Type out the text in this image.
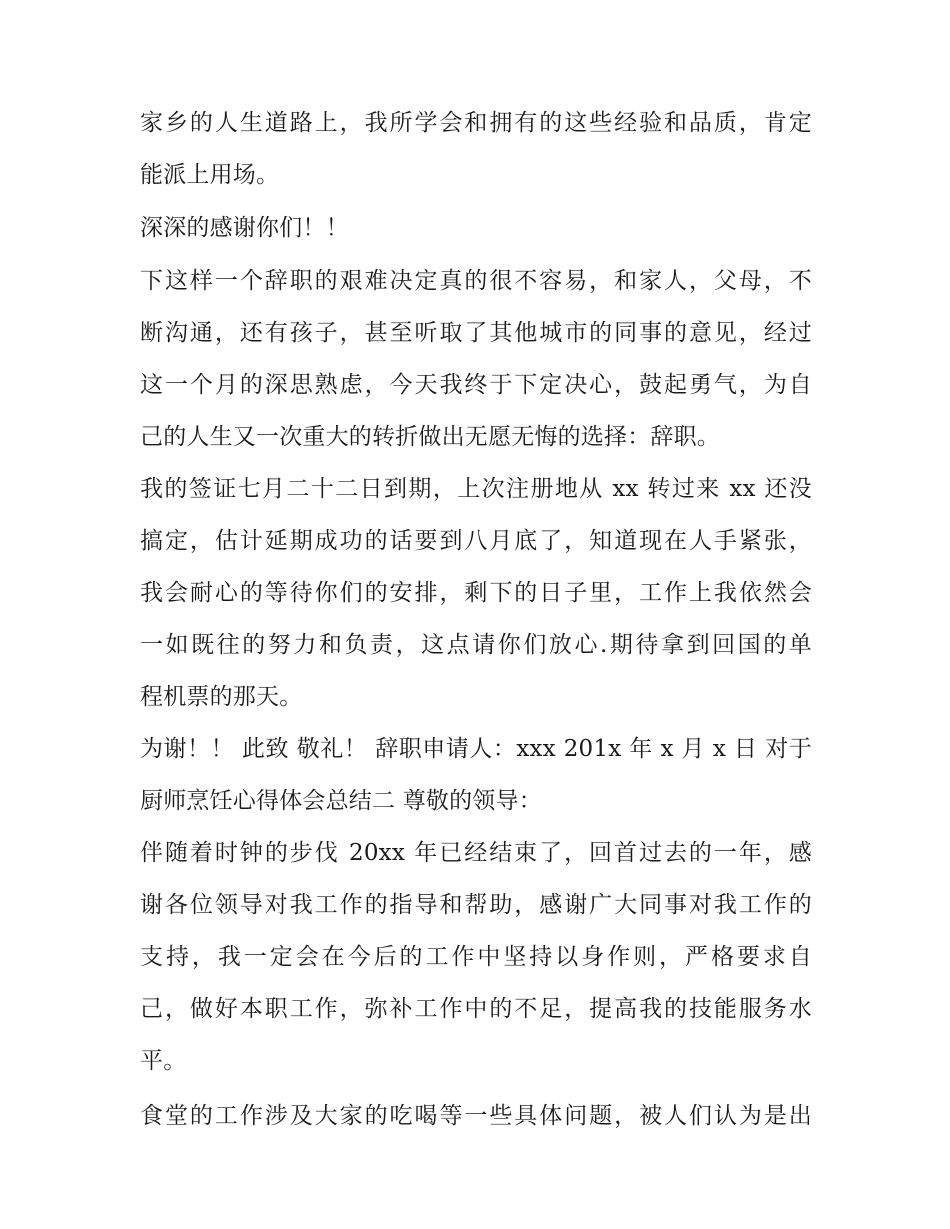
家乡的人生道路上，我所学会和拥有的这些经验和品质，肯定
能派上用场。
深深的感谢你们！！
下这样一个辞职的艰难决定真的很不容易，和家人，父母，不
断沟通，还有孩子，甚至听取了其他城市的同事的意见，经过
这一个月的深思熟虑，今天我终于下定决心，鼓起勇气，为自
己的人生又一次重大的转折做出无愿无悔的选择：辞职。
我的签证七月二十二日到期，上次注册地从 xx 转过来 xx 还没
搞定，估计延期成功的话要到八月底了，知道现在人手紧张，
我会耐心的等待你们的安排，剩下的日子里，工作上我依然会
一如既往的努力和负责，这点请你们放心.期待拿到回国的单
程机票的那天。
为谢！！ 此致 敬礼！ 辞职申请人：xxx 201x 年 x 月 x 日 对于
厨师烹饪心得体会总结二 尊敬的领导：
伴随着时钟的步伐 20xx 年已经结束了，回首过去的一年，感
谢各位领导对我工作的指导和帮助，感谢广大同事对我工作的
支持，我一定会在今后的工作中坚持以身作则，严格要求自
己，做好本职工作，弥补工作中的不足，提高我的技能服务水
平。
食堂的工作涉及大家的吃喝等一些具体问题，被人们认为是出
